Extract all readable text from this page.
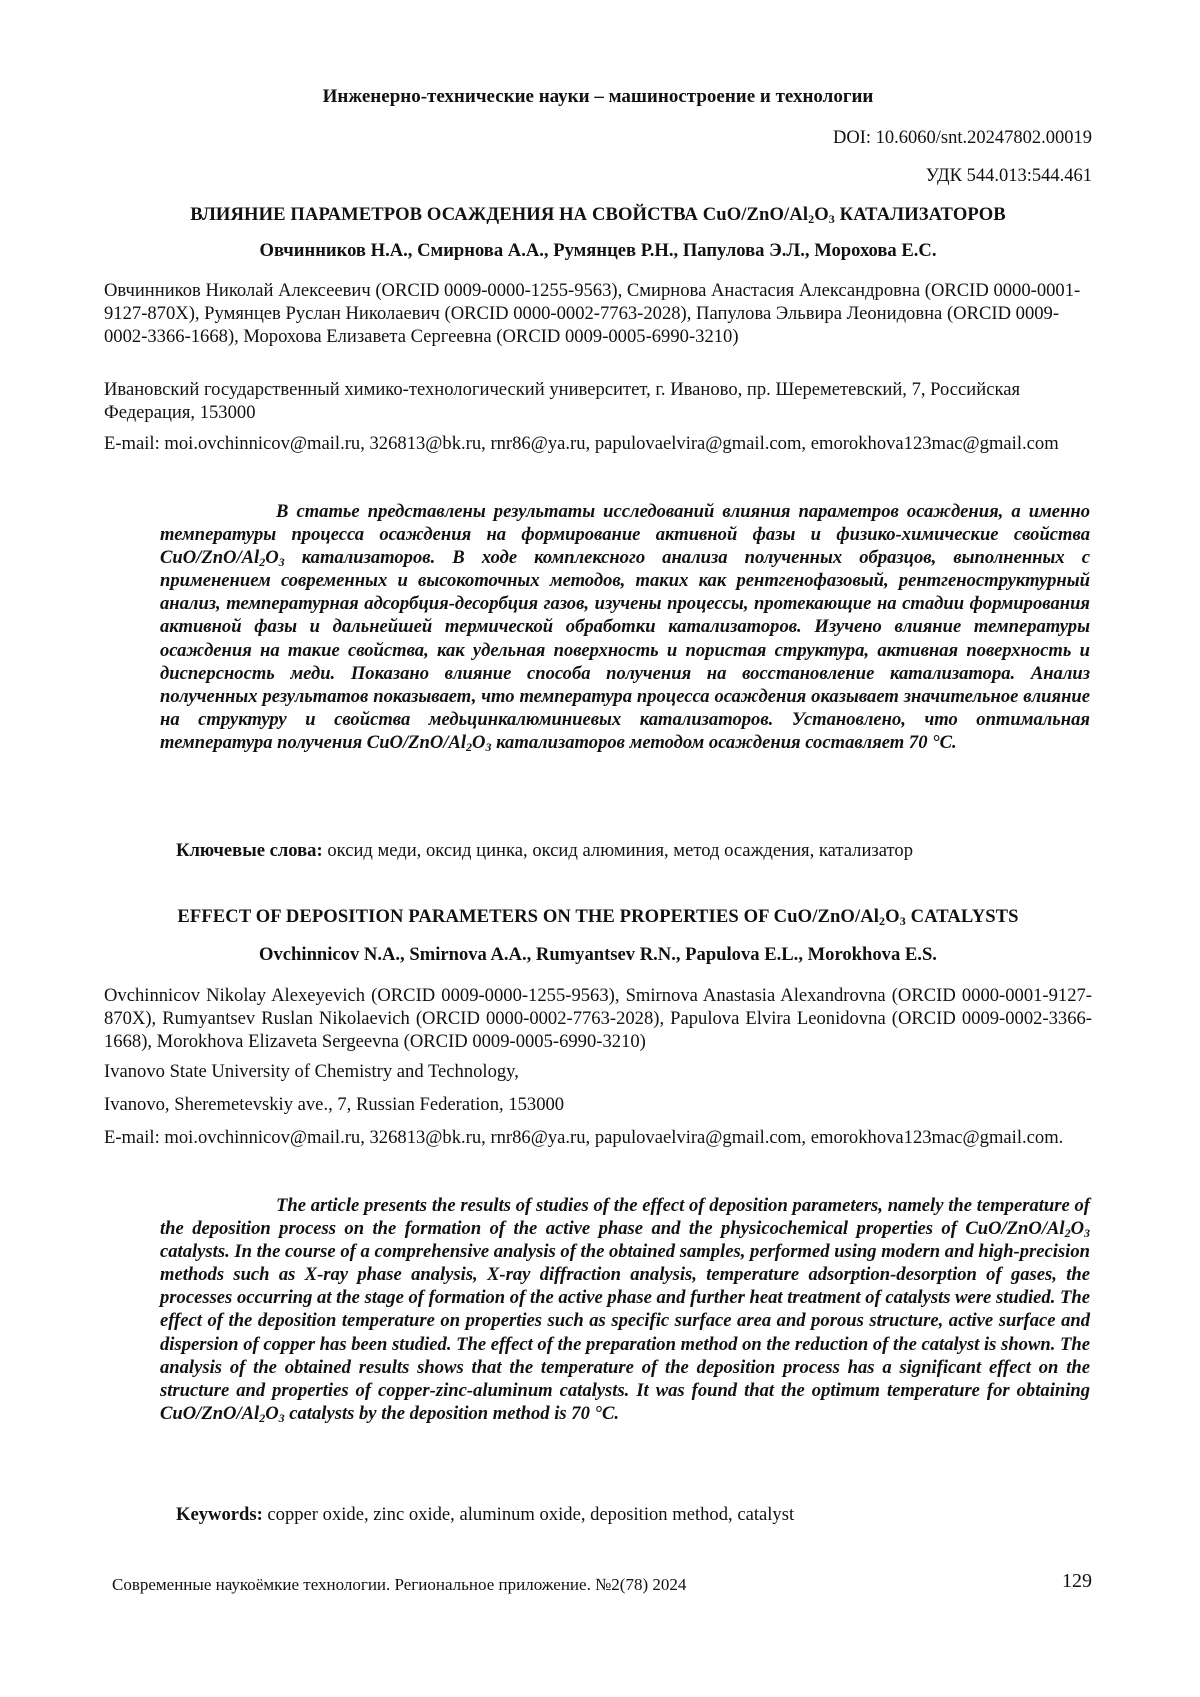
Инженерно-технические науки – машиностроение и технологии

DOI: 10.6060/snt.20247802.00019

УДК 544.013:544.461

ВЛИЯНИЕ ПАРАМЕТРОВ ОСАЖДЕНИЯ НА СВОЙСТВА CuO/$ZnO/Al_2O_3$ КАТАЛИЗАТОРОВ

Овчинников Н.А., Смирнова А.А., Румянцев Р.Н., Папулова Э.Л., Морохова Е.С.

Овчинников Николай Алексеевич (ORCID 0009-0000-1255-9563), Смирнова Анастасия Александровна (ORCID 0000-0001-9127-870X), Румянцев Руслан Николаевич (ORCID 0000-0002-7763-2028), Папулова Эльвира Леонидовна (ORCID 0009-0002-3366-1668), Морохова Елизавета Сергеевна (ORCID 0009-0005-6990-3210)

Ивановский государственный химико-технологический университет, г. Иваново, пр. Шереметевский, 7, Российская Федерация, 153000

E-mail: moi.ovchinnicov@mail.ru, 326813@bk.ru, rnr86@ya.ru, papulovaelvira@gmail.com, emorokhova123mac@gmail.com

В статье представлены результаты исследований влияния параметров осаждения, а именно температуры процесса осаждения на формирование активной фазы и физико-химические свойства CuO/$ZnO/Al_2O_3$ катализаторов. В ходе комплексного анализа полученных образцов, выполненных с применением современных и высокоточных методов, таких как рентгенофазовый, рентгеноструктурный анализ, температурная адсорбция-десорбция газов, изучены процессы, протекающие на стадии формирования активной фазы и дальнейшей термической обработки катализаторов. Изучено влияние температуры осаждения на такие свойства, как удельная поверхность и пористая структура, активная поверхность и дисперсность меди. Показано влияние способа получения на восстановление катализатора. Анализ полученных результатов показывает, что температура процесса осаждения оказывает значительное влияние на структуру и свойства медьцинкалюминиевых катализаторов. Установлено, что оптимальная температура получения CuO/$ZnO/Al_2O_3$ катализаторов методом осаждения составляет 70 °С.

Ключевые слова: оксид меди, оксид цинка, оксид алюминия, метод осаждения, катализатор

EFFECT OF DEPOSITION PARAMETERS ON THE PROPERTIES OF CuO/$ZnO/Al_2O_3$ CATALYSTS

Ovchinnicov N.A., Smirnova A.A., Rumyantsev R.N., Papulova E.L., Morokhova E.S.

Ovchinnicov Nikolay Alexeyevich (ORCID 0009-0000-1255-9563), Smirnova Anastasia Alexandrovna (ORCID 0000-0001-9127-870X), Rumyantsev Ruslan Nikolaevich (ORCID 0000-0002-7763-2028), Papulova Elvira Leonidovna (ORCID 0009-0002-3366-1668), Morokhova Elizaveta Sergeevna (ORCID 0009-0005-6990-3210)

Ivanovo State University of Chemistry and Technology,

Ivanovo, Sheremetevskiy ave., 7, Russian Federation, 153000

E-mail: moi.ovchinnicov@mail.ru, 326813@bk.ru, rnr86@ya.ru, papulovaelvira@gmail.com, emorokhova123mac@gmail.com.

The article presents the results of studies of the effect of deposition parameters, namely the temperature of the deposition process on the formation of the active phase and the physicochemical properties of CuO/$ZnO/Al_2O_3$ catalysts. In the course of a comprehensive analysis of the obtained samples, performed using modern and high-precision methods such as X-ray phase analysis, X-ray diffraction analysis, temperature adsorption-desorption of gases, the processes occurring at the stage of formation of the active phase and further heat treatment of catalysts were studied. The effect of the deposition temperature on properties such as specific surface area and porous structure, active surface and dispersion of copper has been studied. The effect of the preparation method on the reduction of the catalyst is shown. The analysis of the obtained results shows that the temperature of the deposition process has a significant effect on the structure and properties of copper-zinc-aluminum catalysts. It was found that the optimum temperature for obtaining CuO/$ZnO/Al_2O_3$ catalysts by the deposition method is 70 °С.

Keywords: copper oxide, zinc oxide, aluminum oxide, deposition method, catalyst

Современные наукоёмкие технологии. Региональное приложение. №2(78) 2024	129
